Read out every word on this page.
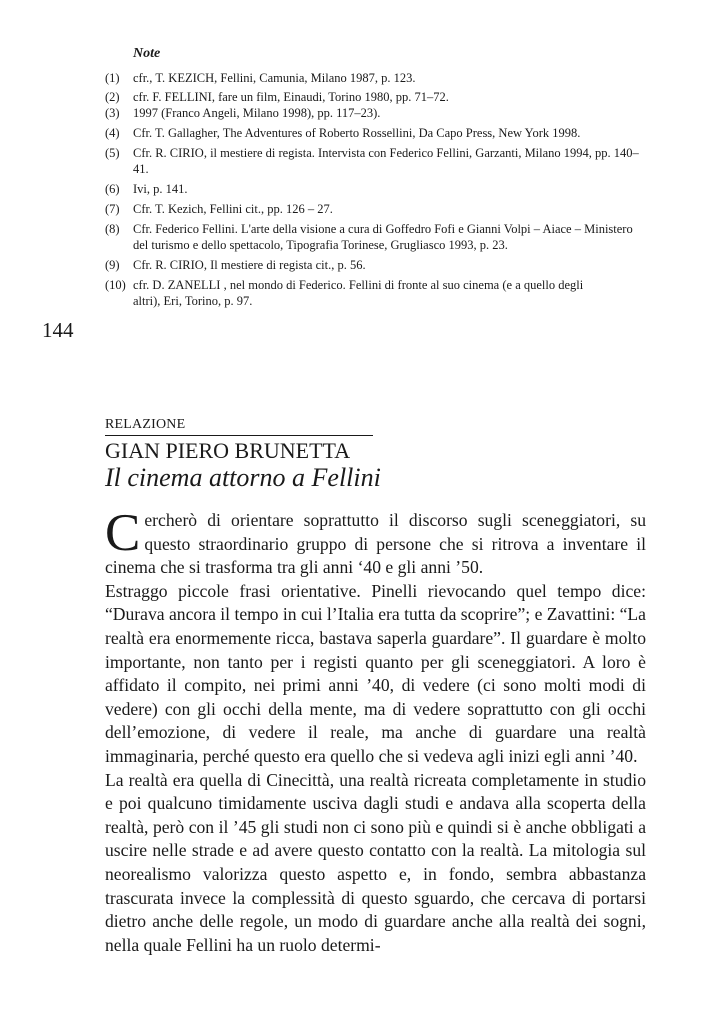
Note
(1)	cfr., T. KEZICH, Fellini, Camunia, Milano 1987, p. 123.
(2)	cfr. F. FELLINI, fare un film, Einaudi, Torino 1980, pp. 71–72.
(3)	1997 (Franco Angeli, Milano 1998), pp. 117–23).
(4)	Cfr. T. Gallagher, The Adventures of Roberto Rossellini, Da Capo Press, New York 1998.
(5)	Cfr. R. CIRIO, il mestiere di regista. Intervista con Federico Fellini, Garzanti, Milano 1994, pp. 140–41.
(6)	Ivi, p. 141.
(7)	Cfr. T. Kezich, Fellini cit., pp. 126 – 27.
(8)	Cfr. Federico Fellini. L'arte della visione a cura di Goffedro Fofi e Gianni Volpi – Aiace – Ministero del turismo e dello spettacolo, Tipografia Torinese, Grugliasco 1993, p. 23.
(9)	Cfr. R. CIRIO, Il mestiere di regista cit., p. 56.
(10) cfr. D. ZANELLI , nel mondo di Federico. Fellini di fronte al suo cinema (e a quello degli altri), Eri, Torino, p. 97.
144
RELAZIONE
GIAN PIERO BRUNETTA
Il cinema attorno a Fellini

Cercherò di orientare soprattutto il discorso sugli sceneggiatori, su questo straordinario gruppo di persone che si ritrova a inventare il cinema che si trasforma tra gli anni ‘40 e gli anni ’50.

Estraggo piccole frasi orientative. Pinelli rievocando quel tempo dice: “Durava ancora il tempo in cui l’Italia era tutta da scoprire”; e Zavattini: “La realtà era enormemente ricca, bastava saperla guardare”. Il guardare è molto importante, non tanto per i registi quanto per gli sceneggiatori. A loro è affidato il compito, nei primi anni ’40, di vedere (ci sono molti modi di vedere) con gli occhi della mente, ma di vedere soprattutto con gli occhi dell’emozione, di vedere il reale, ma anche di guardare una realtà immaginaria, perché questo era quello che si vedeva agli inizi egli anni ’40.

La realtà era quella di Cinecittà, una realtà ricreata completamente in studio e poi qualcuno timidamente usciva dagli studi e andava alla scoperta della realtà, però con il ’45 gli studi non ci sono più e quindi si è anche obbligati a uscire nelle strade e ad avere questo contatto con la realtà. La mitologia sul neorealismo valorizza questo aspetto e, in fondo, sembra abbastanza trascurata invece la complessità di questo sguardo, che cercava di portarsi dietro anche delle regole, un modo di guardare anche alla realtà dei sogni, nella quale Fellini ha un ruolo determi-
